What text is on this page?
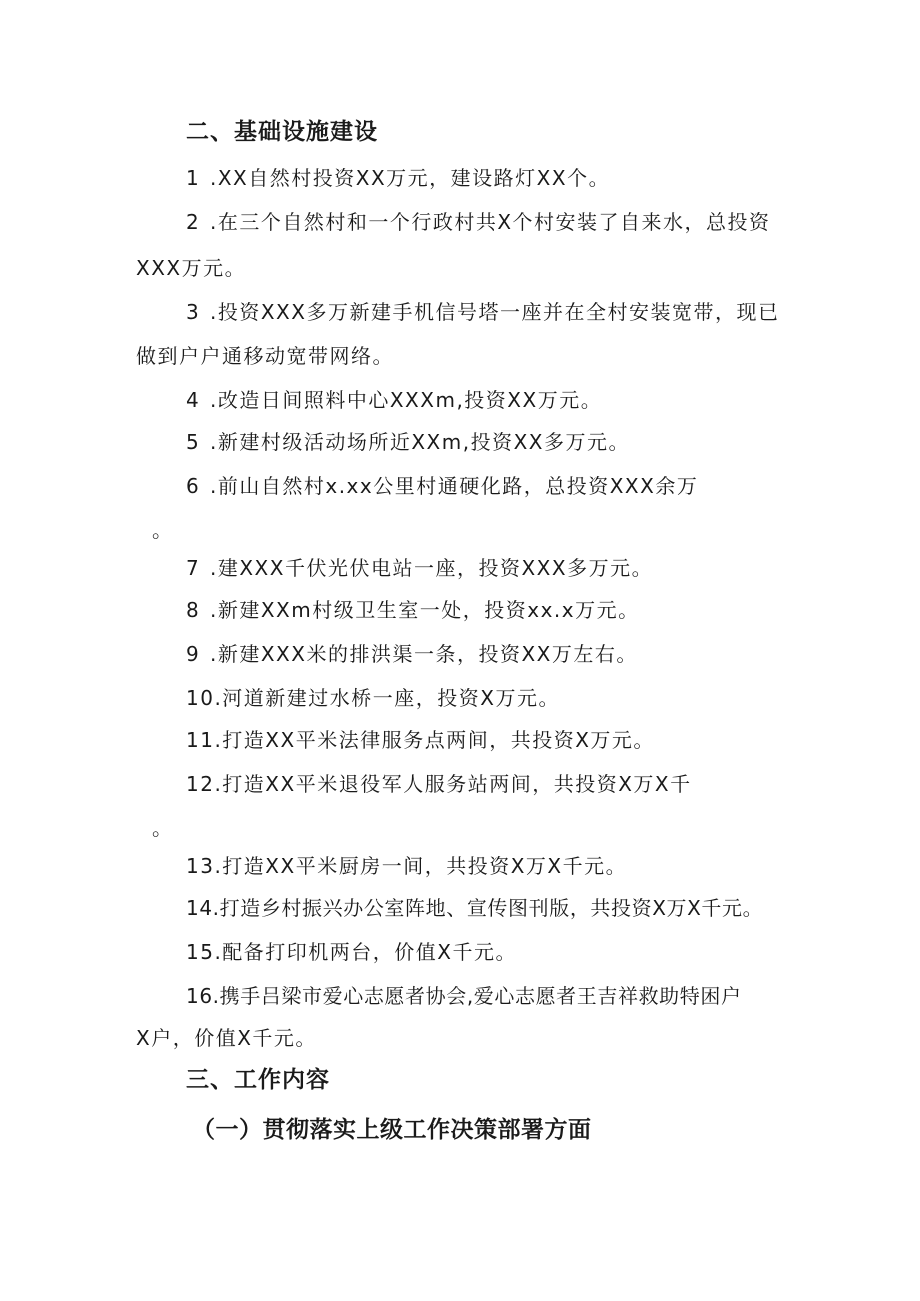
二、基础设施建设
1 .XX自然村投资XX万元，建设路灯XX个。
2 .在三个自然村和一个行政村共X个村安装了自来水，总投资
XXX万元。
3 .投资XXX多万新建手机信号塔一座并在全村安装宽带，现已
做到户户通移动宽带网络。
4 .改造日间照料中心XXXm,投资XX万元。
5 .新建村级活动场所近XXm,投资XX多万元。
6 .前山自然村x.xx公里村通硬化路，总投资XXX余万
。
7 .建XXX千伏光伏电站一座，投资XXX多万元。
8 .新建XXm村级卫生室一处，投资xx.x万元。
9 .新建XXX米的排洪渠一条，投资XX万左右。
10.河道新建过水桥一座，投资X万元。
11.打造XX平米法律服务点两间，共投资X万元。
12.打造XX平米退役军人服务站两间，共投资X万X千
。
13.打造XX平米厨房一间，共投资X万X千元。
14.打造乡村振兴办公室阵地、宣传图刊版，共投资X万X千元。
15.配备打印机两台，价值X千元。
16.携手吕梁市爱心志愿者协会,爱心志愿者王吉祥救助特困户
X户，价值X千元。
三、工作内容
（一）贯彻落实上级工作决策部署方面
